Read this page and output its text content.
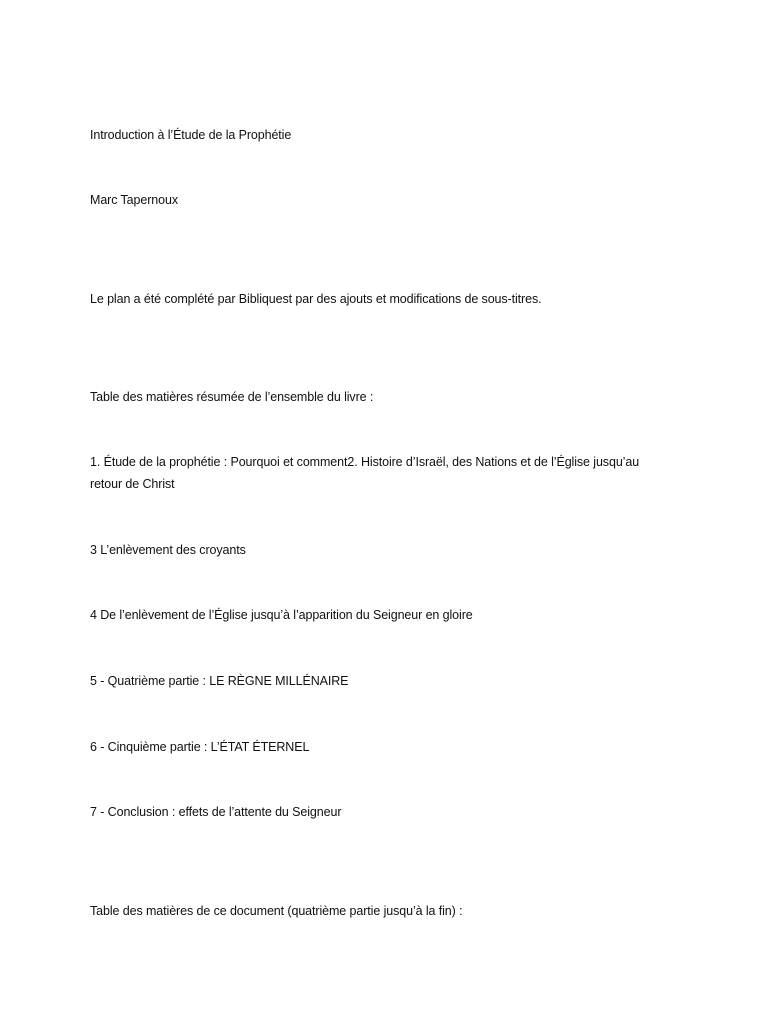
Introduction à l’Étude de la Prophétie
Marc Tapernoux
Le plan a été complété par Bibliquest par des ajouts et modifications de sous-titres.
Table des matières résumée de l’ensemble du livre :
1. Étude de la prophétie : Pourquoi et comment2. Histoire d’Israël, des Nations et de l’Église jusqu’au retour de Christ
3 L’enlèvement des croyants
4 De l’enlèvement de l’Église jusqu’à l’apparition du Seigneur en gloire
5 - Quatrième partie : LE RÈGNE MILLÉNAIRE
6 - Cinquième partie : L’ÉTAT ÉTERNEL
7 - Conclusion : effets de l’attente du Seigneur
Table des matières de ce document (quatrième partie jusqu’à la fin) :
